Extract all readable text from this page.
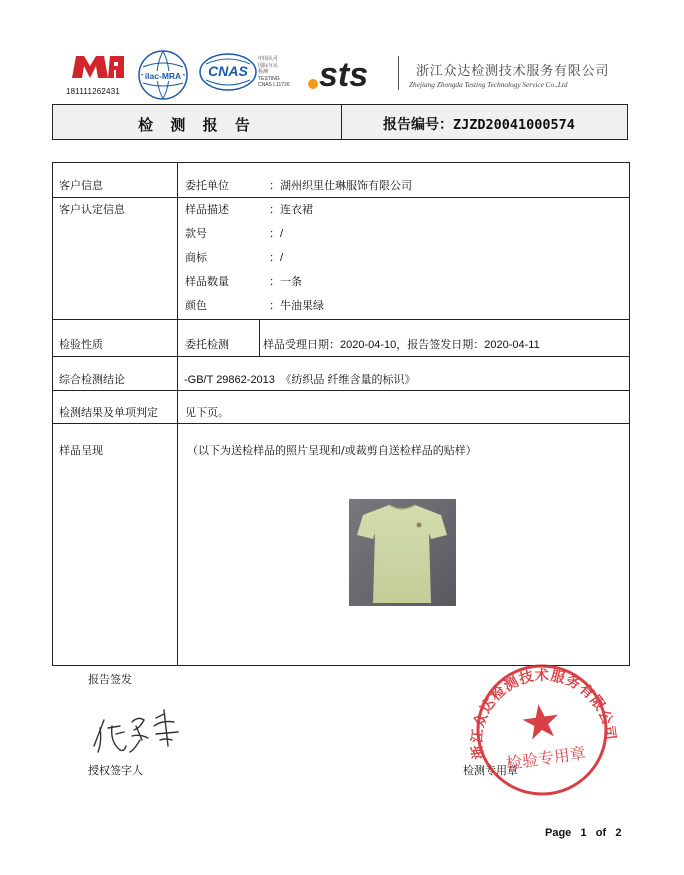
181111262431
ilac-MRA CNAS
中国认可
国际互认
检测
TESTING
CNAS L11726 sts	浙江众达检测技术服务有限公司
Zhejiang Zhongda Testing Technology Service Co.,Ltd
检 测 报 告	报告编号：ZJZD20041000574
客户信息	委托单位	：湖州织里仕琳服饰有限公司
客户认定信息	样品描述	：连衣裙
款号	：/
商标	：/
样品数量	：一条
颜色	：牛油果绿
检验性质	委托检测	样品受理日期：2020-04-10，报告签发日期：2020-04-11
综合检测结论	-GB/T 29862-2013　《纺织品 纤维含量的标识》
检测结果及单项判定 见下页。
样品呈现	（以下为送检样品的照片呈现和/或裁剪自送检样品的贴样）
报告签发
授权签字人	检测专用章
浙江众达检测技术服务有限公司
检验专用章
Page 1 of 2
